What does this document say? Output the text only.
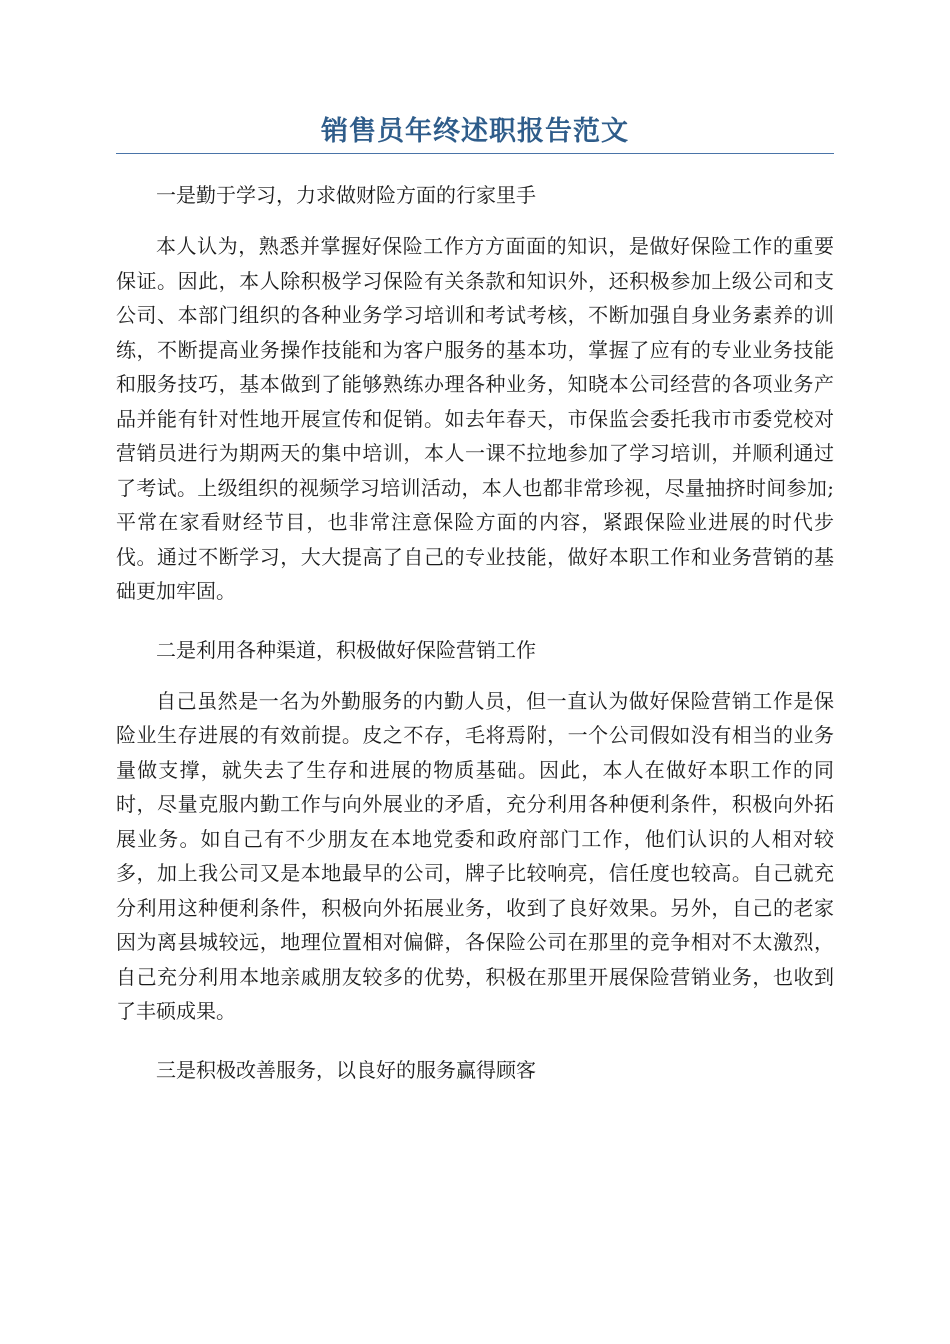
销售员年终述职报告范文

一是勤于学习，力求做财险方面的行家里手

本人认为，熟悉并掌握好保险工作方方面面的知识，是做好保险工作的重要保证。因此，本人除积极学习保险有关条款和知识外，还积极参加上级公司和支公司、本部门组织的各种业务学习培训和考试考核，不断加强自身业务素养的训练，不断提高业务操作技能和为客户服务的基本功，掌握了应有的专业业务技能和服务技巧，基本做到了能够熟练办理各种业务，知晓本公司经营的各项业务产品并能有针对性地开展宣传和促销。如去年春天，市保监会委托我市市委党校对营销员进行为期两天的集中培训，本人一课不拉地参加了学习培训，并顺利通过了考试。上级组织的视频学习培训活动，本人也都非常珍视，尽量抽挤时间参加;平常在家看财经节目，也非常注意保险方面的内容，紧跟保险业进展的时代步伐。通过不断学习，大大提高了自己的专业技能，做好本职工作和业务营销的基础更加牢固。

二是利用各种渠道，积极做好保险营销工作

自己虽然是一名为外勤服务的内勤人员，但一直认为做好保险营销工作是保险业生存进展的有效前提。皮之不存，毛将焉附，一个公司假如没有相当的业务量做支撑，就失去了生存和进展的物质基础。因此，本人在做好本职工作的同时，尽量克服内勤工作与向外展业的矛盾，充分利用各种便利条件，积极向外拓展业务。如自己有不少朋友在本地党委和政府部门工作，他们认识的人相对较多，加上我公司又是本地最早的公司，牌子比较响亮，信任度也较高。自己就充分利用这种便利条件，积极向外拓展业务，收到了良好效果。另外，自己的老家因为离县城较远，地理位置相对偏僻，各保险公司在那里的竞争相对不太激烈，自己充分利用本地亲戚朋友较多的优势，积极在那里开展保险营销业务，也收到了丰硕成果。

三是积极改善服务，以良好的服务赢得顾客
